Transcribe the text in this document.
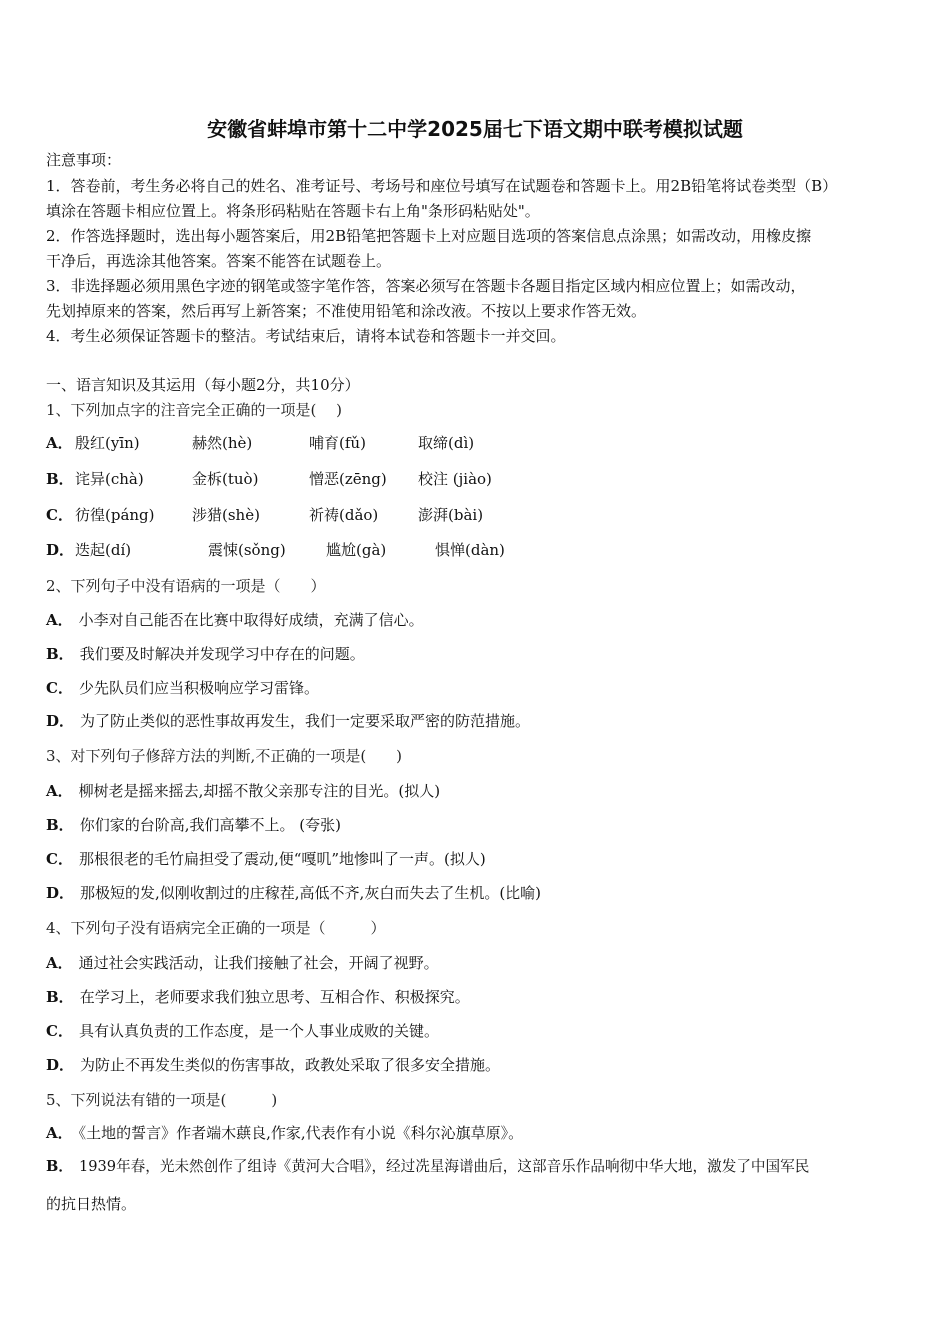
安徽省蚌埠市第十二中学2025届七下语文期中联考模拟试题
注意事项：
1．答卷前，考生务必将自己的姓名、准考证号、考场号和座位号填写在试题卷和答题卡上。用2B铅笔将试卷类型（B）
填涂在答题卡相应位置上。将条形码粘贴在答题卡右上角"条形码粘贴处"。
2．作答选择题时，选出每小题答案后，用2B铅笔把答题卡上对应题目选项的答案信息点涂黑；如需改动，用橡皮擦
干净后，再选涂其他答案。答案不能答在试题卷上。
3．非选择题必须用黑色字迹的钢笔或签字笔作答，答案必须写在答题卡各题目指定区域内相应位置上；如需改动，
先划掉原来的答案，然后再写上新答案；不准使用铅笔和涂改液。不按以上要求作答无效。
4．考生必须保证答题卡的整洁。考试结束后，请将本试卷和答题卡一并交回。
一、语言知识及其运用（每小题2分，共10分）
1、下列加点字的注音完全正确的一项是(　 )
A． 殷红(yīn)	赫然(hè)	哺育(fǔ)	取缔(dì)
B． 诧异(chà)	金柝(tuò)	憎恶(zēng) 校注 (jiào)
C． 彷徨(páng) 涉猎(shè)	祈祷(dǎo)	澎湃(bài)
D． 迭起(dí)	震悚(sǒng)	尴尬(gà)	惧惮(dàn)
2、下列句子中没有语病的一项是（　　）
A． 小李对自己能否在比赛中取得好成绩，充满了信心。
B． 我们要及时解决并发现学习中存在的问题。
C． 少先队员们应当积极响应学习雷锋。
D． 为了防止类似的恶性事故再发生，我们一定要采取严密的防范措施。
3、对下列句子修辞方法的判断,不正确的一项是(　　)
A． 柳树老是摇来摇去,却摇不散父亲那专注的目光。(拟人)
B． 你们家的台阶高,我们高攀不上。 (夸张)
C． 那根很老的毛竹扁担受了震动,便“嘎叽”地惨叫了一声。(拟人)
D． 那极短的发,似刚收割过的庄稼茬,高低不齐,灰白而失去了生机。(比喻)
4、下列句子没有语病完全正确的一项是（　　　）
A． 通过社会实践活动，让我们接触了社会，开阔了视野。
B． 在学习上，老师要求我们独立思考、互相合作、积极探究。
C． 具有认真负责的工作态度，是一个人事业成败的关键。
D． 为防止不再发生类似的伤害事故，政教处采取了很多安全措施。
5、下列说法有错的一项是(　　　)
A． 《土地的誓言》作者端木蕻良,作家,代表作有小说《科尔沁旗草原》。
B． 1939年春，光未然创作了组诗《黄河大合唱》，经过冼星海谱曲后，这部音乐作品响彻中华大地，激发了中国军民
的抗日热情。
